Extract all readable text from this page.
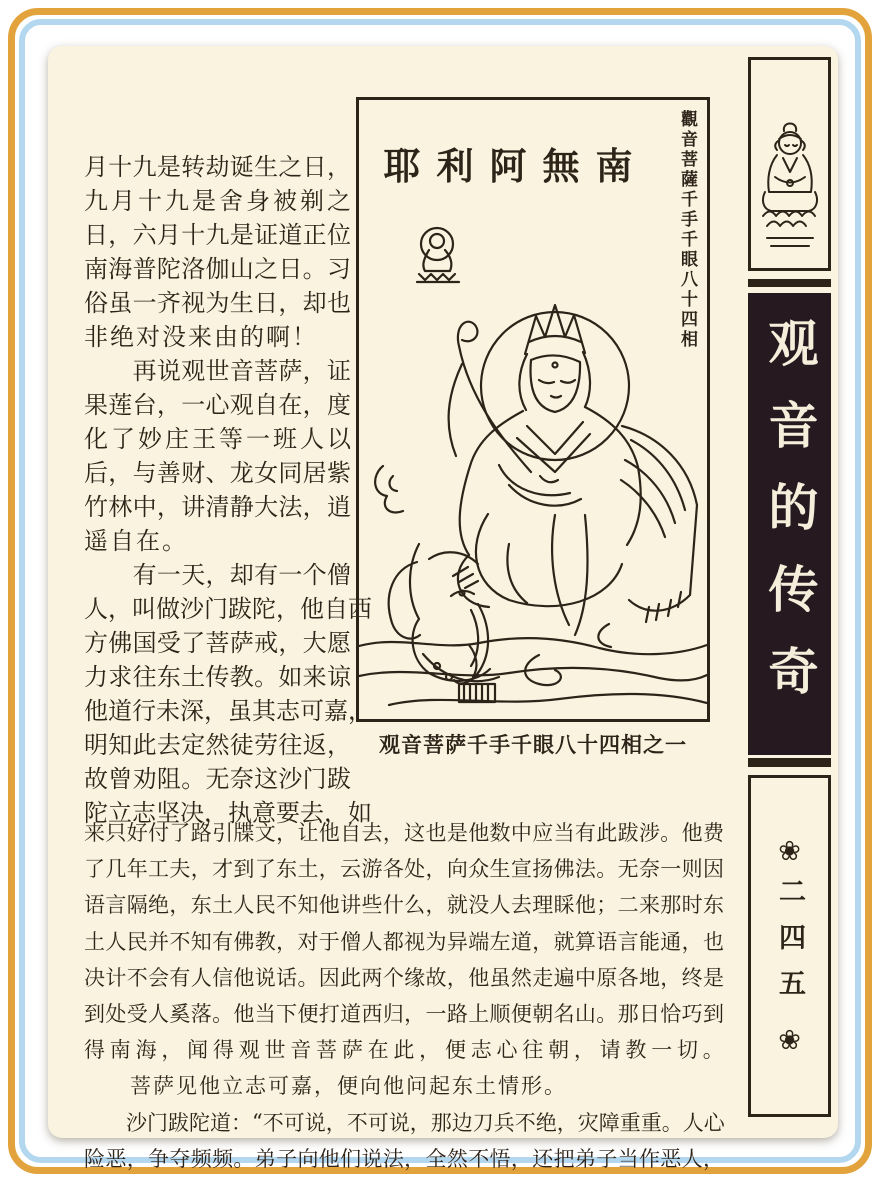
月 十 九 是 转 劫 诞 生 之 日 ，
九 月 十 九 是 舍 身 被 剃 之
日 ， 六 月 十 九 是 证 道 正 位
南 海 普 陀 洛 伽 山 之 日 。 习
俗 虽 一 齐 视 为 生 日 ， 却 也
非 绝 对 没 来 由 的 啊 ！

再 说 观 世 音 菩 萨 ， 证
果 莲 台 ， 一 心 观 自 在 ， 度
化 了 妙 庄 王 等 一 班 人 以
后 ， 与 善 财 、 龙 女 同 居 紫
竹 林 中 ， 讲 清 静 大 法 ， 逍
遥 自 在 。

有 一 天 ， 却 有 一 个 僧
人 ， 叫 做 沙 门 跋 陀 ， 他 自 西
方 佛 国 受 了 菩 萨 戒 ， 大 愿
力 求 往 东 土 传 教 。 如 来 谅
他 道 行 未 深 ， 虽 其 志 可 嘉 ，
明 知 此 去 定 然 徒 劳 往 返 ，
故 曾 劝 阻 。 无 奈 这 沙 门 跋
陀 立 志 坚 决 ， 执 意 要 去 ， 如
耶利阿無南	觀音菩薩千手千眼八十四相
观音菩萨千手千眼八十四相之一
来 只 好 付 了 路 引 牒 文 ， 让 他 自 去 ， 这 也 是 他 数 中 应 当 有 此 跋 涉 。 他 费
了 几 年 工 夫 ， 才 到 了 东 土 ， 云 游 各 处 ， 向 众 生 宣 扬 佛 法 。 无 奈 一 则 因
语 言 隔 绝 ， 东 土 人 民 不 知 他 讲 些 什 么 ， 就 没 人 去 理 睬 他 ； 二 来 那 时 东
土 人 民 并 不 知 有 佛 教 ， 对 于 僧 人 都 视 为 异 端 左 道 ， 就 算 语 言 能 通 ， 也
决 计 不 会 有 人 信 他 说 话 。 因 此 两 个 缘 故 ， 他 虽 然 走 遍 中 原 各 地 ， 终 是
到 处 受 人 奚 落 。 他 当 下 便 打 道 西 归 ， 一 路 上 顺 便 朝 名 山 。 那 日 恰 巧 到
得 南 海 ， 闻 得 观 世 音 菩 萨 在 此 ， 便 志 心 往 朝 ， 请 教 一 切 。

菩 萨 见 他 立 志 可 嘉 ， 便 向 他 问 起 东 土 情 形 。

沙 门 跋 陀 道 ： “ 不 可 说 ， 不 可 说 ， 那 边 刀 兵 不 绝 ， 灾 障 重 重 。 人 心
险 恶 ， 争 夺 频 频 。 弟 子 向 他 们 说 法 ， 全 然 不 悟 ， 还 把 弟 子 当 作 恶 人 ，
观音的传奇
❀
二四五
❀
